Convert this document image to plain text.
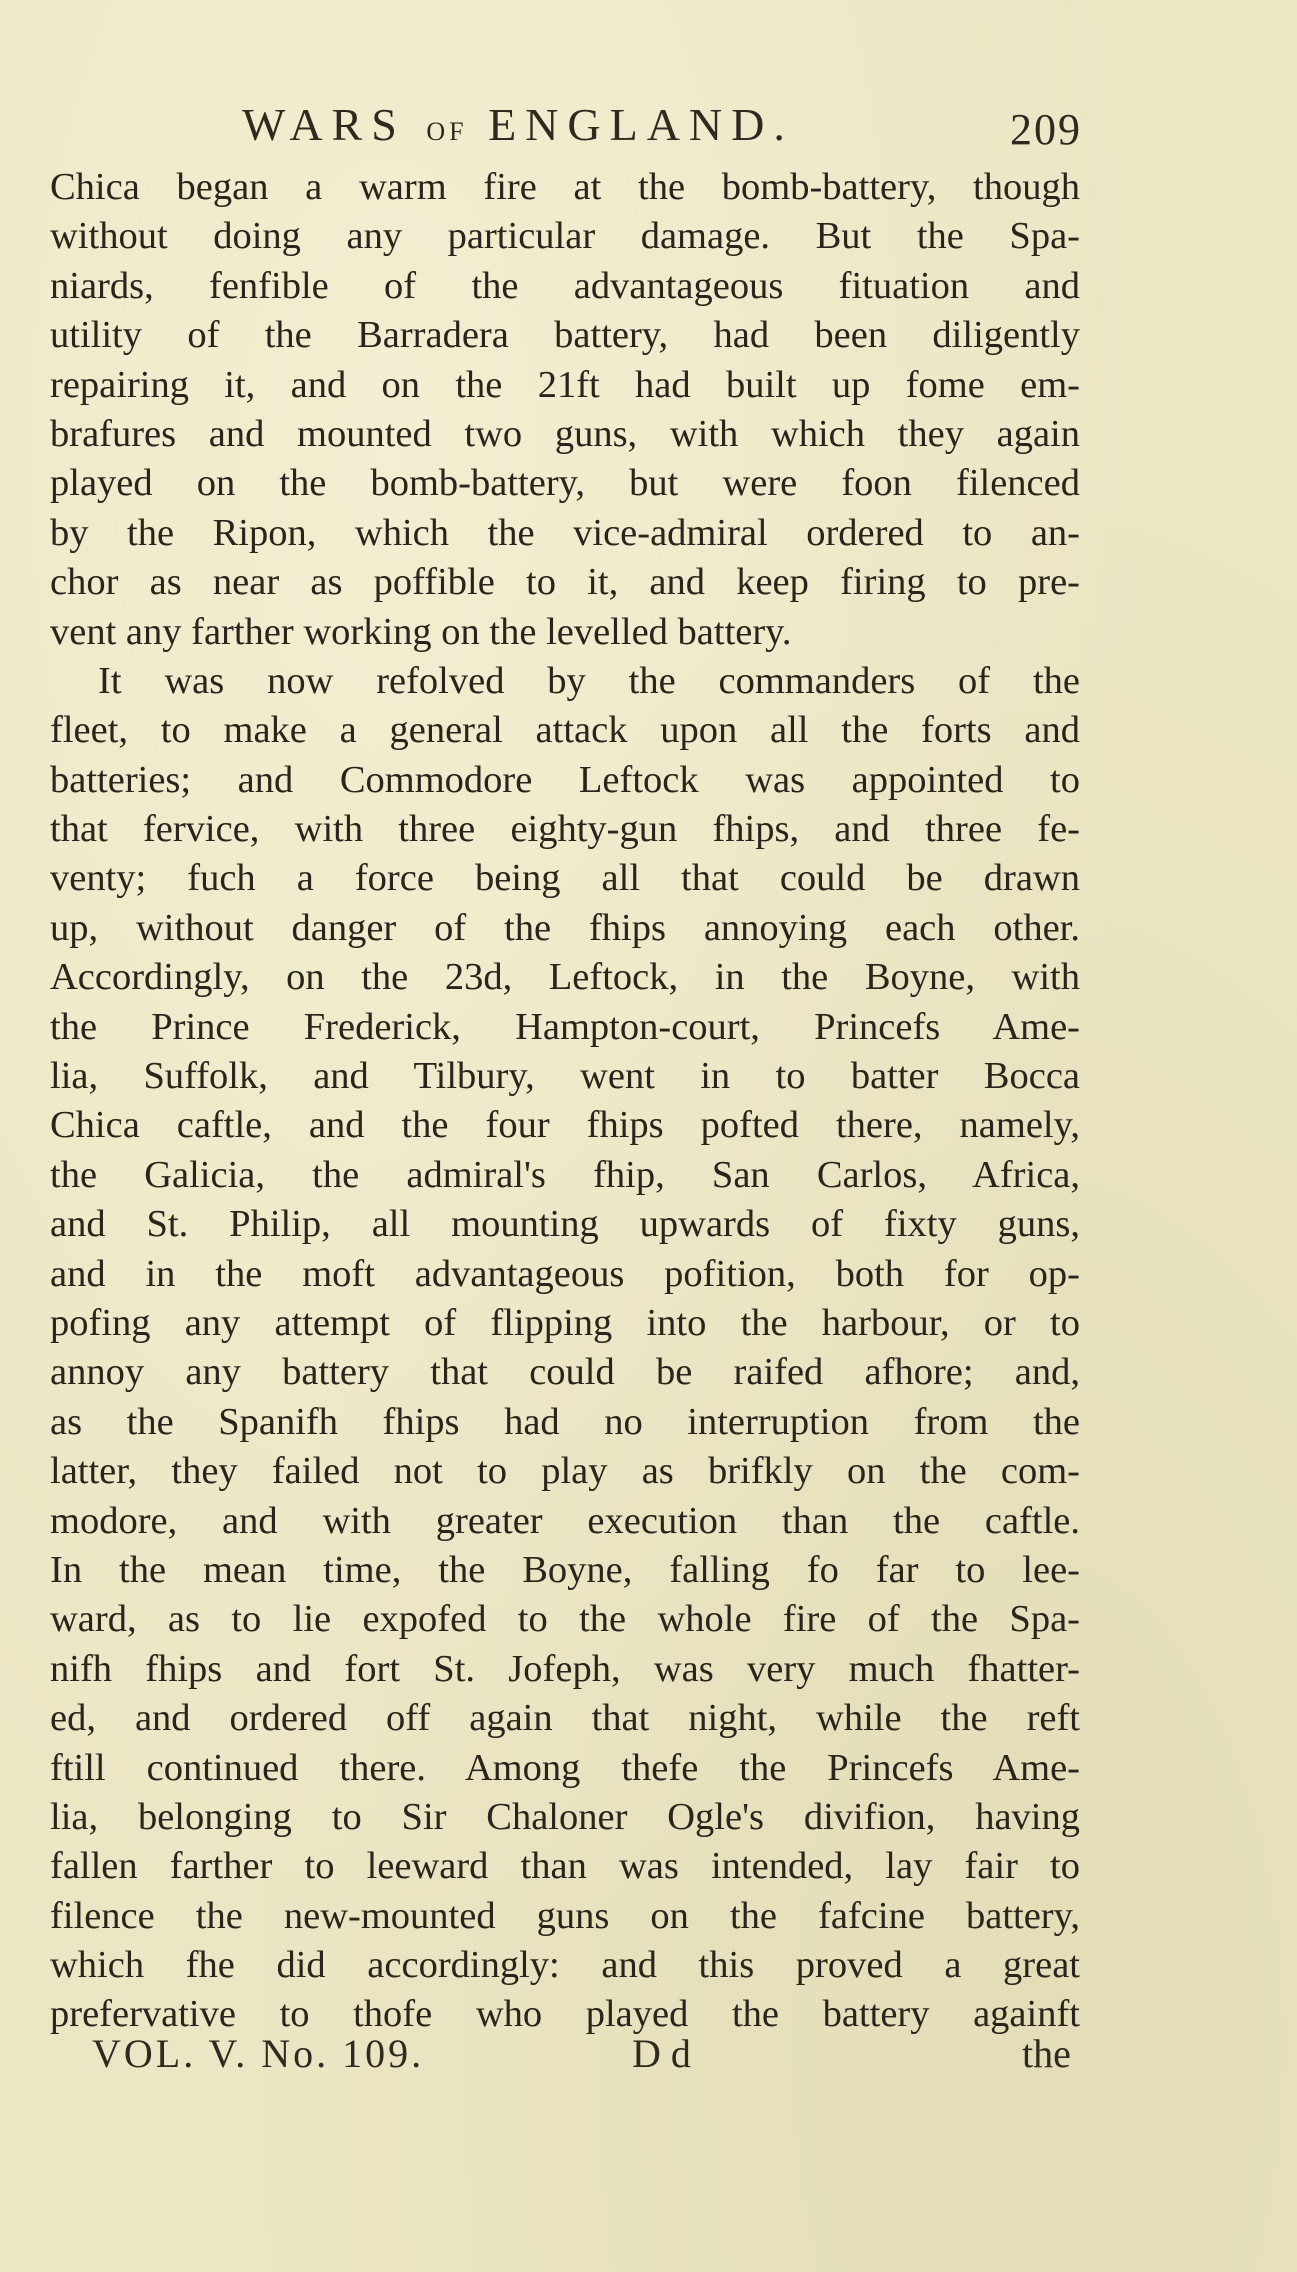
WARS OF ENGLAND.	209
Chica began a warm fire at the bomb-battery, though
without doing any particular damage. But the Spa-
niards, fenfible of the advantageous fituation and
utility of the Barradera battery, had been diligently
repairing it, and on the 21ft had built up fome em-
brafures and mounted two guns, with which they again
played on the bomb-battery, but were foon filenced
by the Ripon, which the vice-admiral ordered to an-
chor as near as poffible to it, and keep firing to pre-
vent any farther working on the levelled battery.
It was now refolved by the commanders of the
fleet, to make a general attack upon all the forts and
batteries; and Commodore Leftock was appointed to
that fervice, with three eighty-gun fhips, and three fe-
venty; fuch a force being all that could be drawn
up, without danger of the fhips annoying each other.
Accordingly, on the 23d, Leftock, in the Boyne, with
the Prince Frederick, Hampton-court, Princefs Ame-
lia, Suffolk, and Tilbury, went in to batter Bocca
Chica caftle, and the four fhips pofted there, namely,
the Galicia, the admiral's fhip, San Carlos, Africa,
and St. Philip, all mounting upwards of fixty guns,
and in the moft advantageous pofition, both for op-
pofing any attempt of flipping into the harbour, or to
annoy any battery that could be raifed afhore; and,
as the Spanifh fhips had no interruption from the
latter, they failed not to play as brifkly on the com-
modore, and with greater execution than the caftle.
In the mean time, the Boyne, falling fo far to lee-
ward, as to lie expofed to the whole fire of the Spa-
nifh fhips and fort St. Jofeph, was very much fhatter-
ed, and ordered off again that night, while the reft
ftill continued there. Among thefe the Princefs Ame-
lia, belonging to Sir Chaloner Ogle's divifion, having
fallen farther to leeward than was intended, lay fair to
filence the new-mounted guns on the fafcine battery,
which fhe did accordingly: and this proved a great
prefervative to thofe who played the battery againft
VOL. V. No. 109.	D d	the
